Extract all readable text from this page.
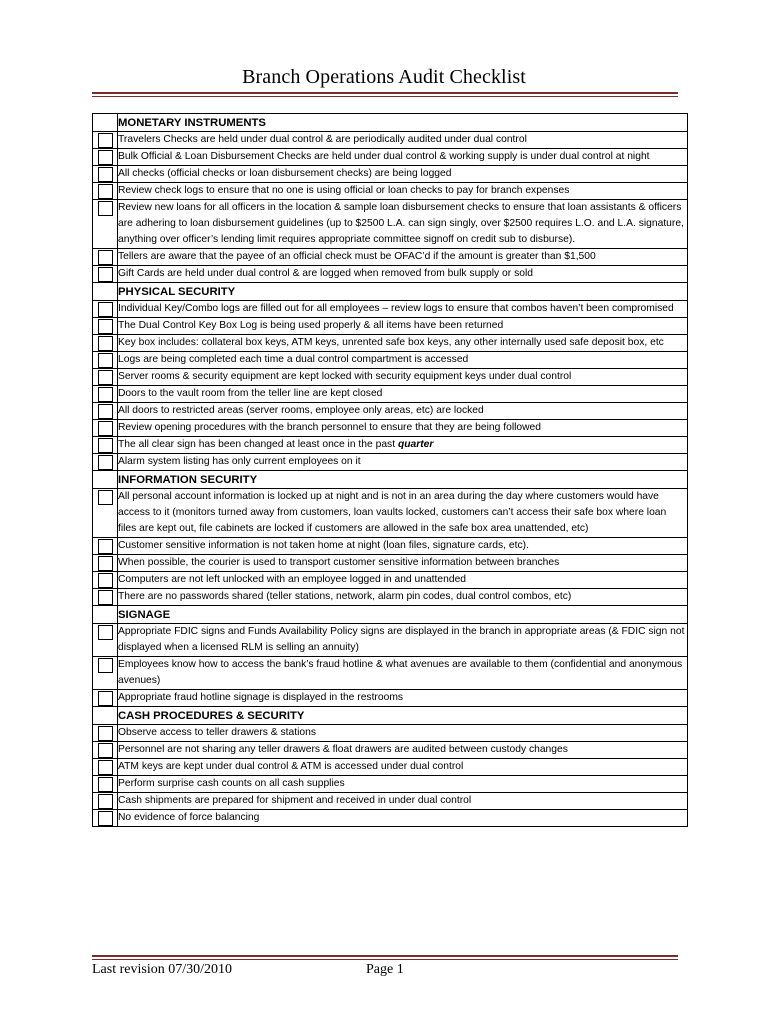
Branch Operations Audit Checklist
	MONETARY INSTRUMENTS

	Travelers Checks are held under dual control & are periodically audited under dual control

	Bulk Official & Loan Disbursement Checks are held under dual control & working supply is under dual control at night

	All checks (official checks or loan disbursement checks) are being logged

	Review check logs to ensure that no one is using official or loan checks to pay for branch expenses

	Review new loans for all officers in the location & sample loan disbursement checks to ensure that loan assistants & officers are adhering to loan disbursement guidelines (up to $2500 L.A. can sign singly, over $2500 requires L.O. and L.A. signature, anything over officer’s lending limit requires appropriate committee signoff on credit sub to disburse).

	Tellers are aware that the payee of an official check must be OFAC’d if the amount is greater than $1,500

	Gift Cards are held under dual control & are logged when removed from bulk supply or sold
	PHYSICAL SECURITY

	Individual Key/Combo logs are filled out for all employees – review logs to ensure that combos haven’t been compromised

	The Dual Control Key Box Log is being used properly & all items have been returned

	Key box includes: collateral box keys, ATM keys, unrented safe box keys, any other internally used safe deposit box, etc

	Logs are being completed each time a dual control compartment is accessed

	Server rooms & security equipment are kept locked with security equipment keys under dual control

	Doors to the vault room from the teller line are kept closed

	All doors to restricted areas (server rooms, employee only areas, etc) are locked

	Review opening procedures with the branch personnel to ensure that they are being followed

	The all clear sign has been changed at least once in the past quarter

	Alarm system listing has only current employees on it
	INFORMATION SECURITY

	All personal account information is locked up at night and is not in an area during the day where customers would have access to it (monitors turned away from customers, loan vaults locked, customers can’t access their safe box where loan files are kept out, file cabinets are locked if customers are allowed in the safe box area unattended, etc)

	Customer sensitive information is not taken home at night (loan files, signature cards, etc).

	When possible, the courier is used to transport customer sensitive information between branches

	Computers are not left unlocked with an employee logged in and unattended

	There are no passwords shared (teller stations, network, alarm pin codes, dual control combos, etc)
	SIGNAGE

	Appropriate FDIC signs and Funds Availability Policy signs are displayed in the branch in appropriate areas (& FDIC sign not displayed when a licensed RLM is selling an annuity)

	Employees know how to access the bank’s fraud hotline & what avenues are available to them (confidential and anonymous avenues)

	Appropriate fraud hotline signage is displayed in the restrooms
	CASH PROCEDURES & SECURITY

	Observe access to teller drawers & stations

	Personnel are not sharing any teller drawers & float drawers are audited between custody changes

	ATM keys are kept under dual control & ATM is accessed under dual control

	Perform surprise cash counts on all cash supplies

	Cash shipments are prepared for shipment and received in under dual control

	No evidence of force balancing
Last revision 07/30/2010	Page 1
